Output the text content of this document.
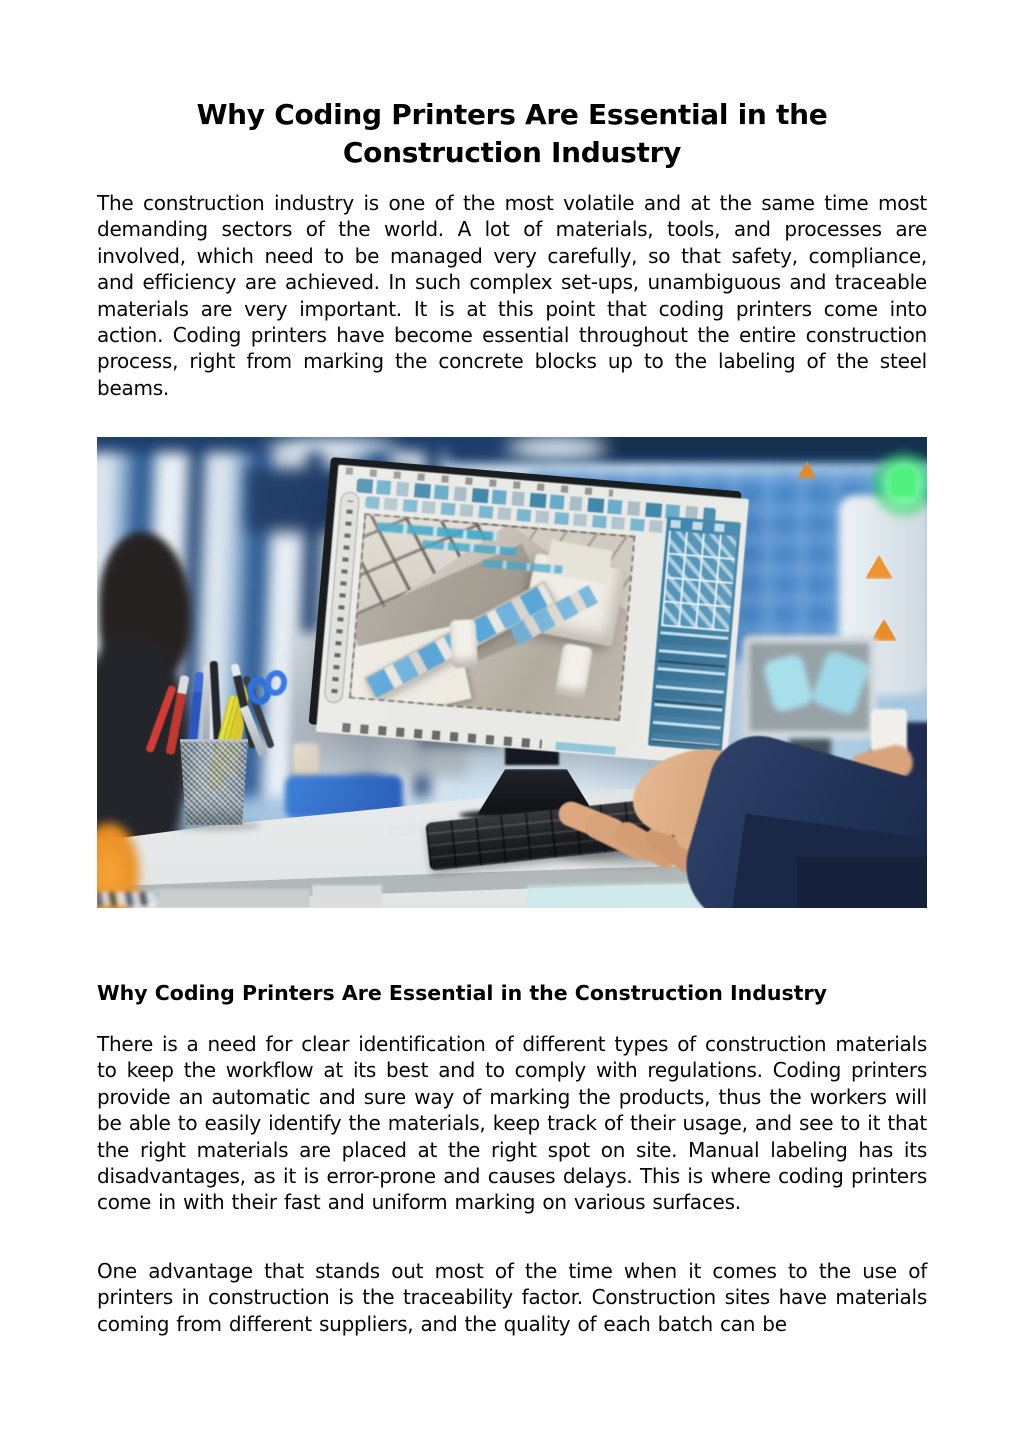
Why Coding Printers Are Essential in the
Construction Industry

The construction industry is one of the most volatile and at the same time most demanding sectors of the world. A lot of materials, tools, and processes are involved, which need to be managed very carefully, so that safety, compliance, and efficiency are achieved. In such complex set-ups, unambiguous and traceable materials are very important. It is at this point that coding printers come into action. Coding printers have become essential throughout the entire construction process, right from marking the concrete blocks up to the labeling of the steel beams.

Why Coding Printers Are Essential in the Construction Industry

There is a need for clear identification of different types of construction materials to keep the workflow at its best and to comply with regulations. Coding printers provide an automatic and sure way of marking the products, thus the workers will be able to easily identify the materials, keep track of their usage, and see to it that the right materials are placed at the right spot on site. Manual labeling has its disadvantages, as it is error-prone and causes delays. This is where coding printers come in with their fast and uniform marking on various surfaces.

One advantage that stands out most of the time when it comes to the use of printers in construction is the traceability factor. Construction sites have materials coming from different suppliers, and the quality of each batch can be
